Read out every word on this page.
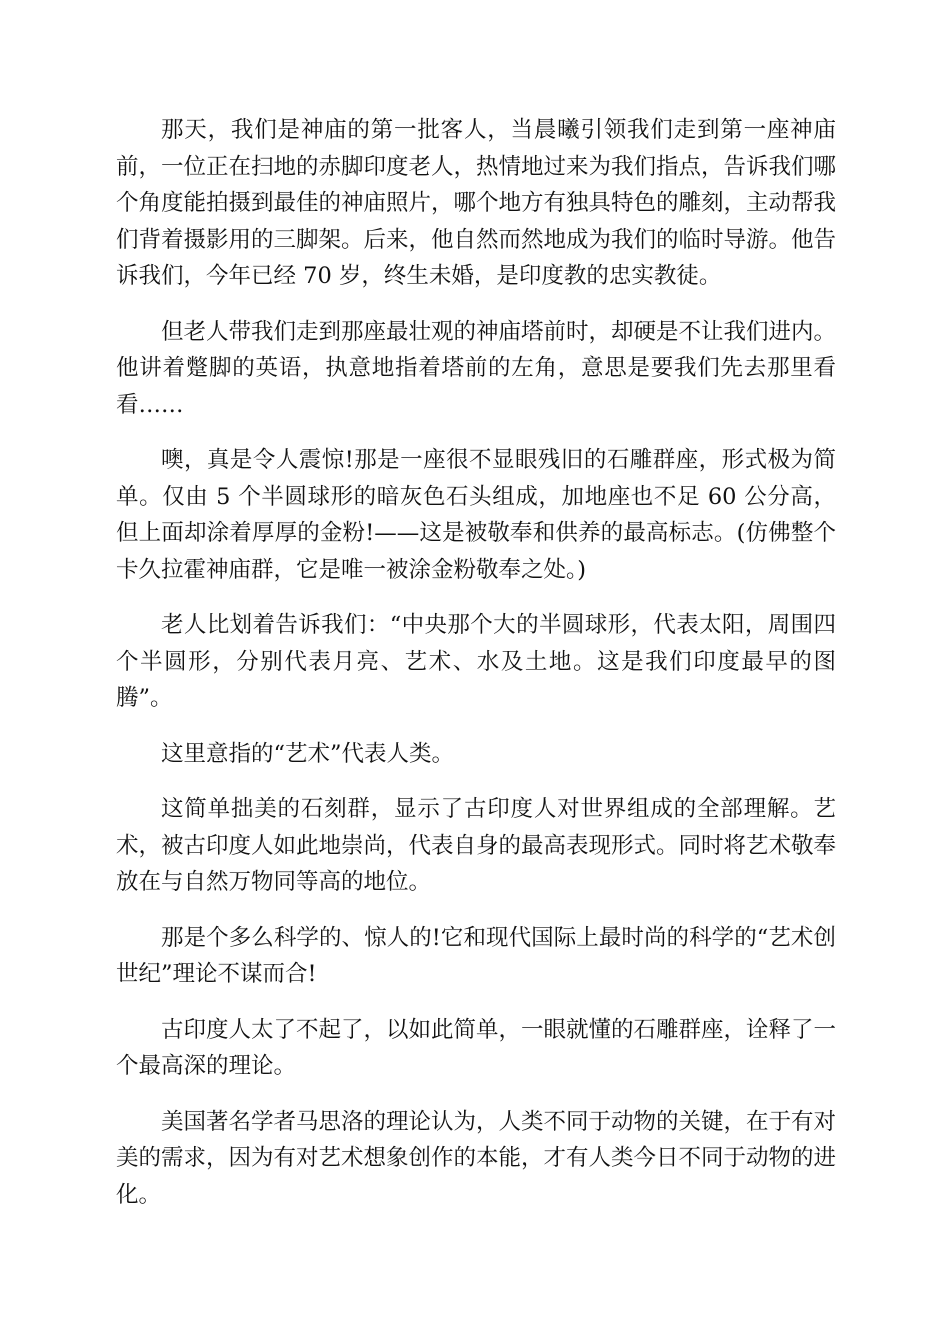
那天，我们是神庙的第一批客人，当晨曦引领我们走到第一座神庙前，一位正在扫地的赤脚印度老人，热情地过来为我们指点，告诉我们哪个角度能拍摄到最佳的神庙照片，哪个地方有独具特色的雕刻，主动帮我们背着摄影用的三脚架。后来，他自然而然地成为我们的临时导游。他告诉我们，今年已经 70 岁，终生未婚，是印度教的忠实教徒。

但老人带我们走到那座最壮观的神庙塔前时，却硬是不让我们进内。他讲着蹩脚的英语，执意地指着塔前的左角，意思是要我们先去那里看看……

噢，真是令人震惊!那是一座很不显眼残旧的石雕群座，形式极为简单。仅由 5 个半圆球形的暗灰色石头组成，加地座也不足 60 公分高，但上面却涂着厚厚的金粉!——这是被敬奉和供养的最高标志。(仿佛整个卡久拉霍神庙群，它是唯一被涂金粉敬奉之处。)

老人比划着告诉我们：“中央那个大的半圆球形，代表太阳，周围四个半圆形，分别代表月亮、艺术、水及土地。这是我们印度最早的图腾”。

这里意指的“艺术”代表人类。

这简单拙美的石刻群，显示了古印度人对世界组成的全部理解。艺术，被古印度人如此地崇尚，代表自身的最高表现形式。同时将艺术敬奉放在与自然万物同等高的地位。

那是个多么科学的、惊人的!它和现代国际上最时尚的科学的“艺术创世纪”理论不谋而合!

古印度人太了不起了，以如此简单，一眼就懂的石雕群座，诠释了一个最高深的理论。

美国著名学者马思洛的理论认为，人类不同于动物的关键，在于有对美的需求，因为有对艺术想象创作的本能，才有人类今日不同于动物的进化。
